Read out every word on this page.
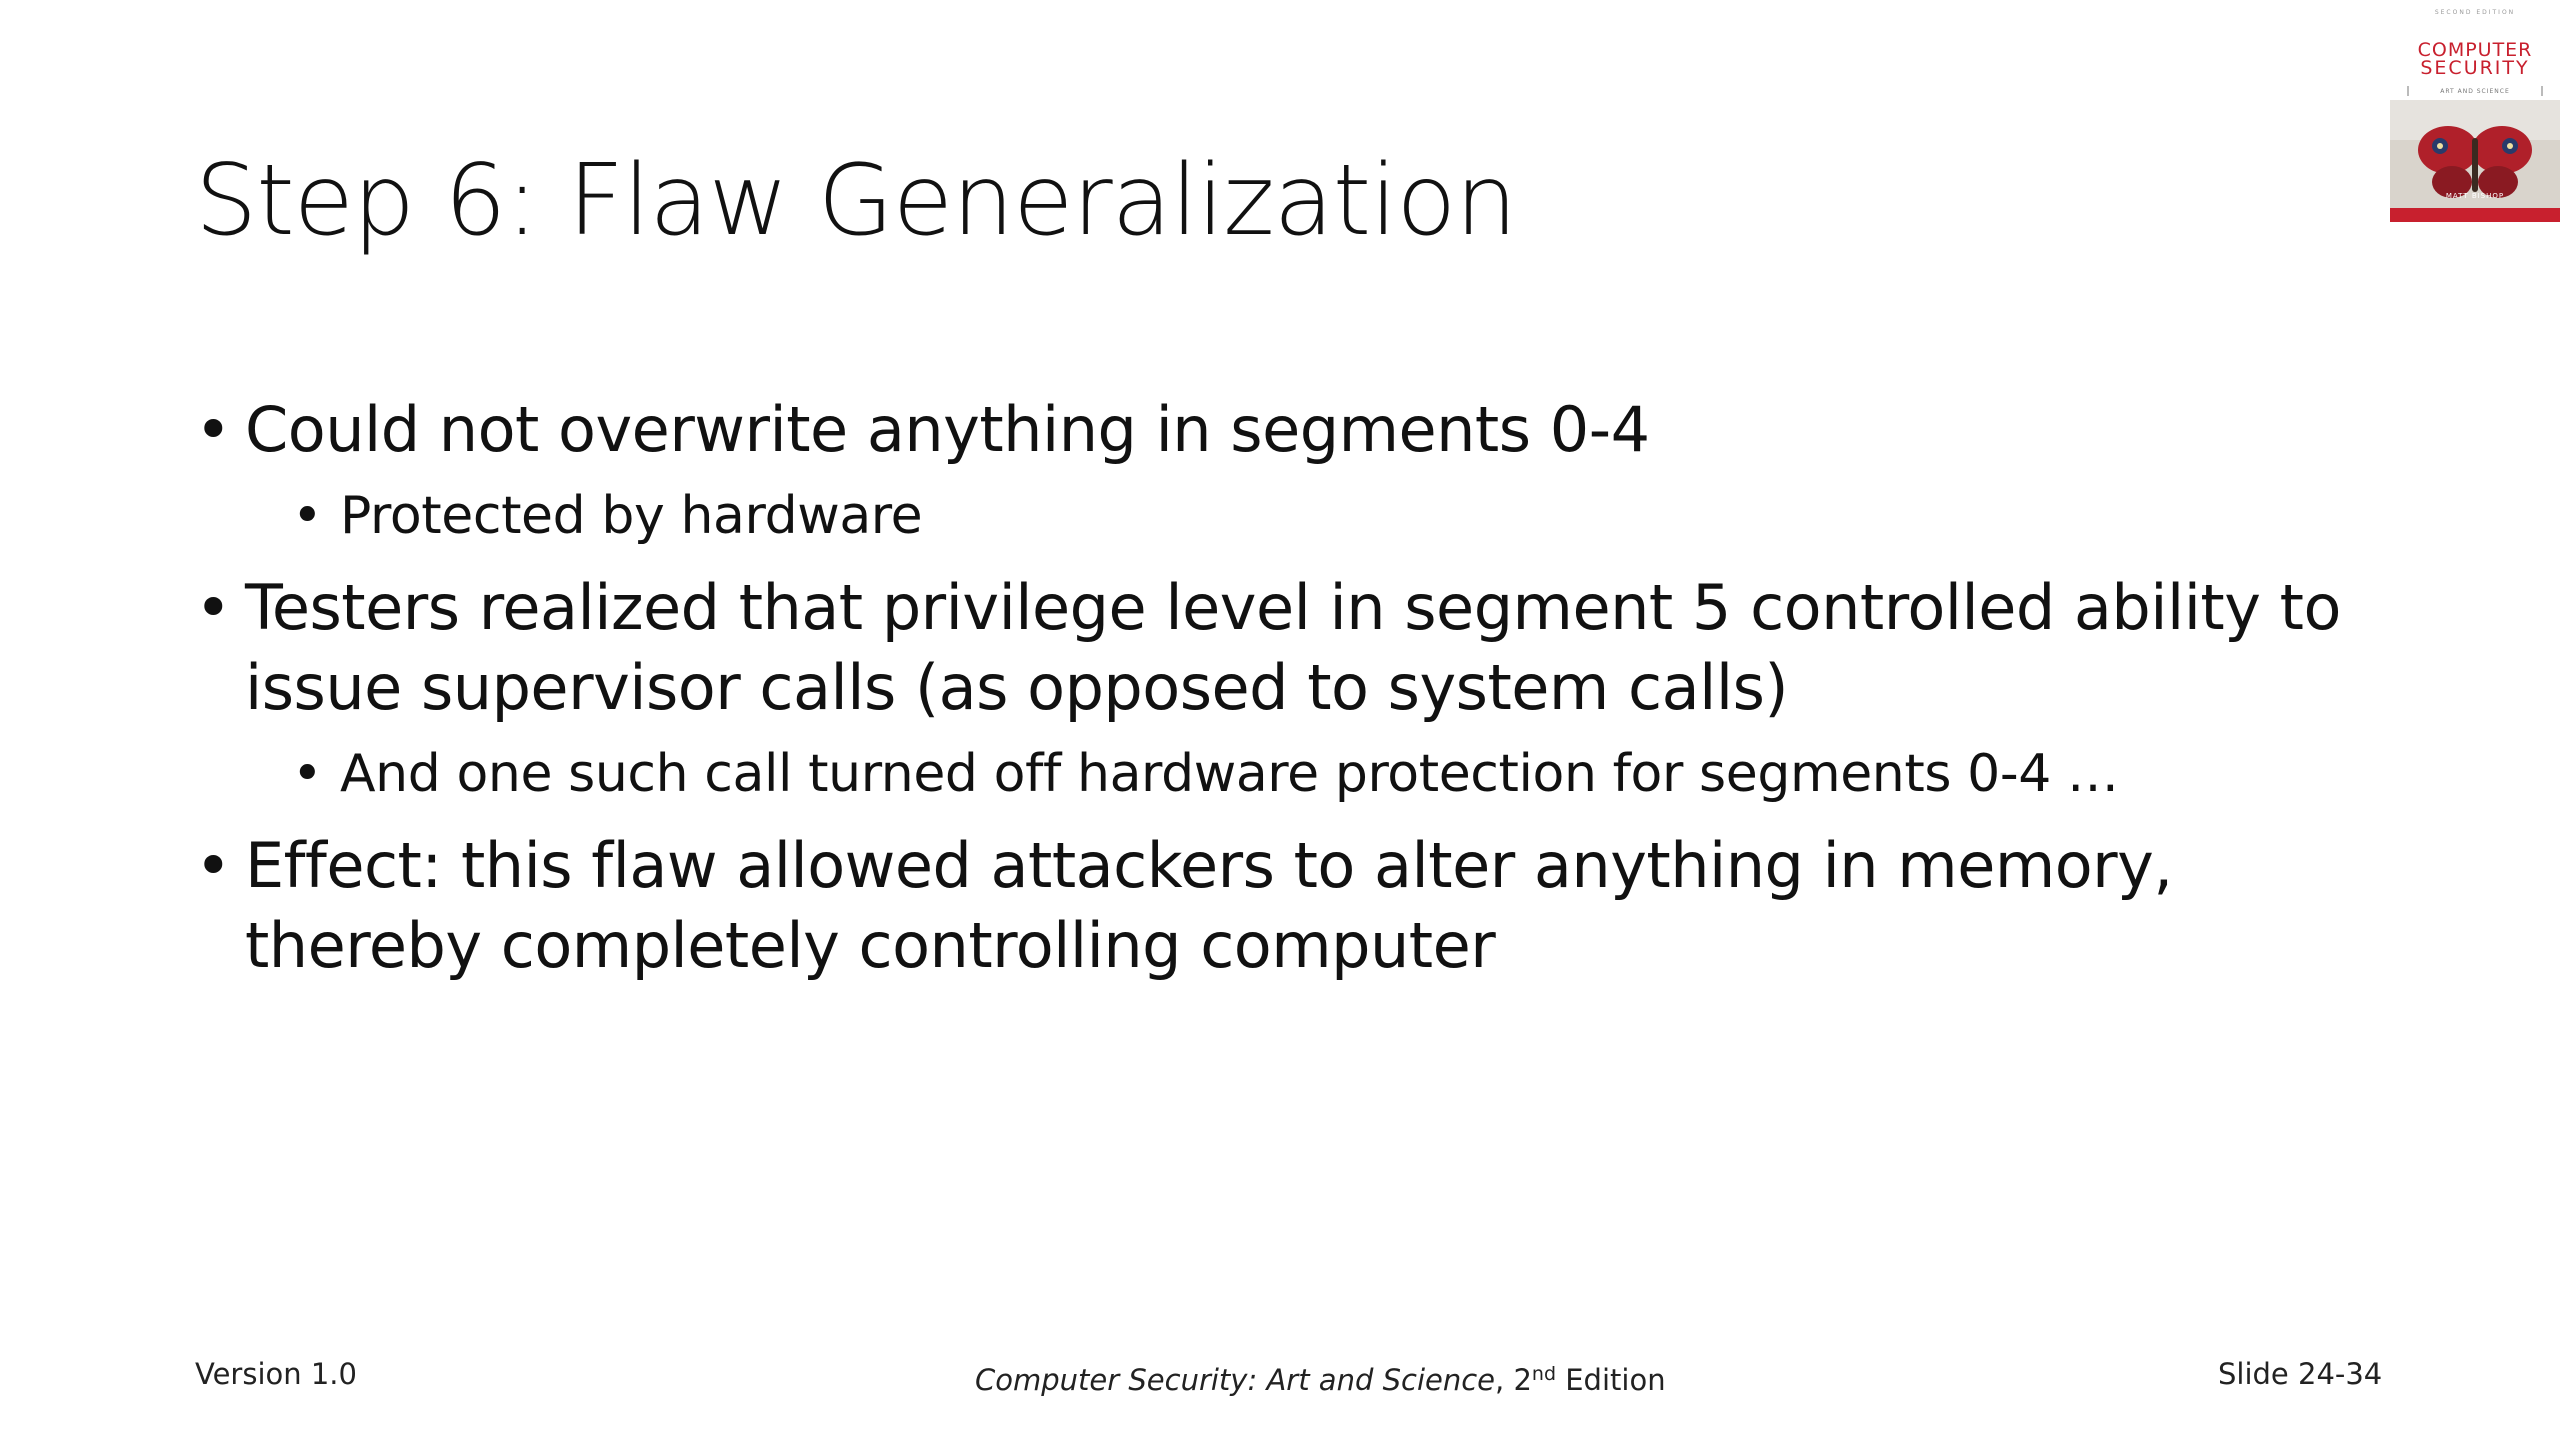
Step 6: Flaw Generalization
• Could not overwrite anything in segments 0-4
• Protected by hardware
• Testers realized that privilege level in segment 5 controlled ability to issue supervisor calls (as opposed to system calls)
• And one such call turned off hardware protection for segments 0-4 …
• Effect: this flaw allowed attackers to alter anything in memory, thereby completely controlling computer
SECOND EDITION
COMPUTER
SECURITY
ART AND SCIENCE
MATT BISHOP
Version 1.0	Computer Security: Art and Science, 2nd Edition	Slide 24-34
